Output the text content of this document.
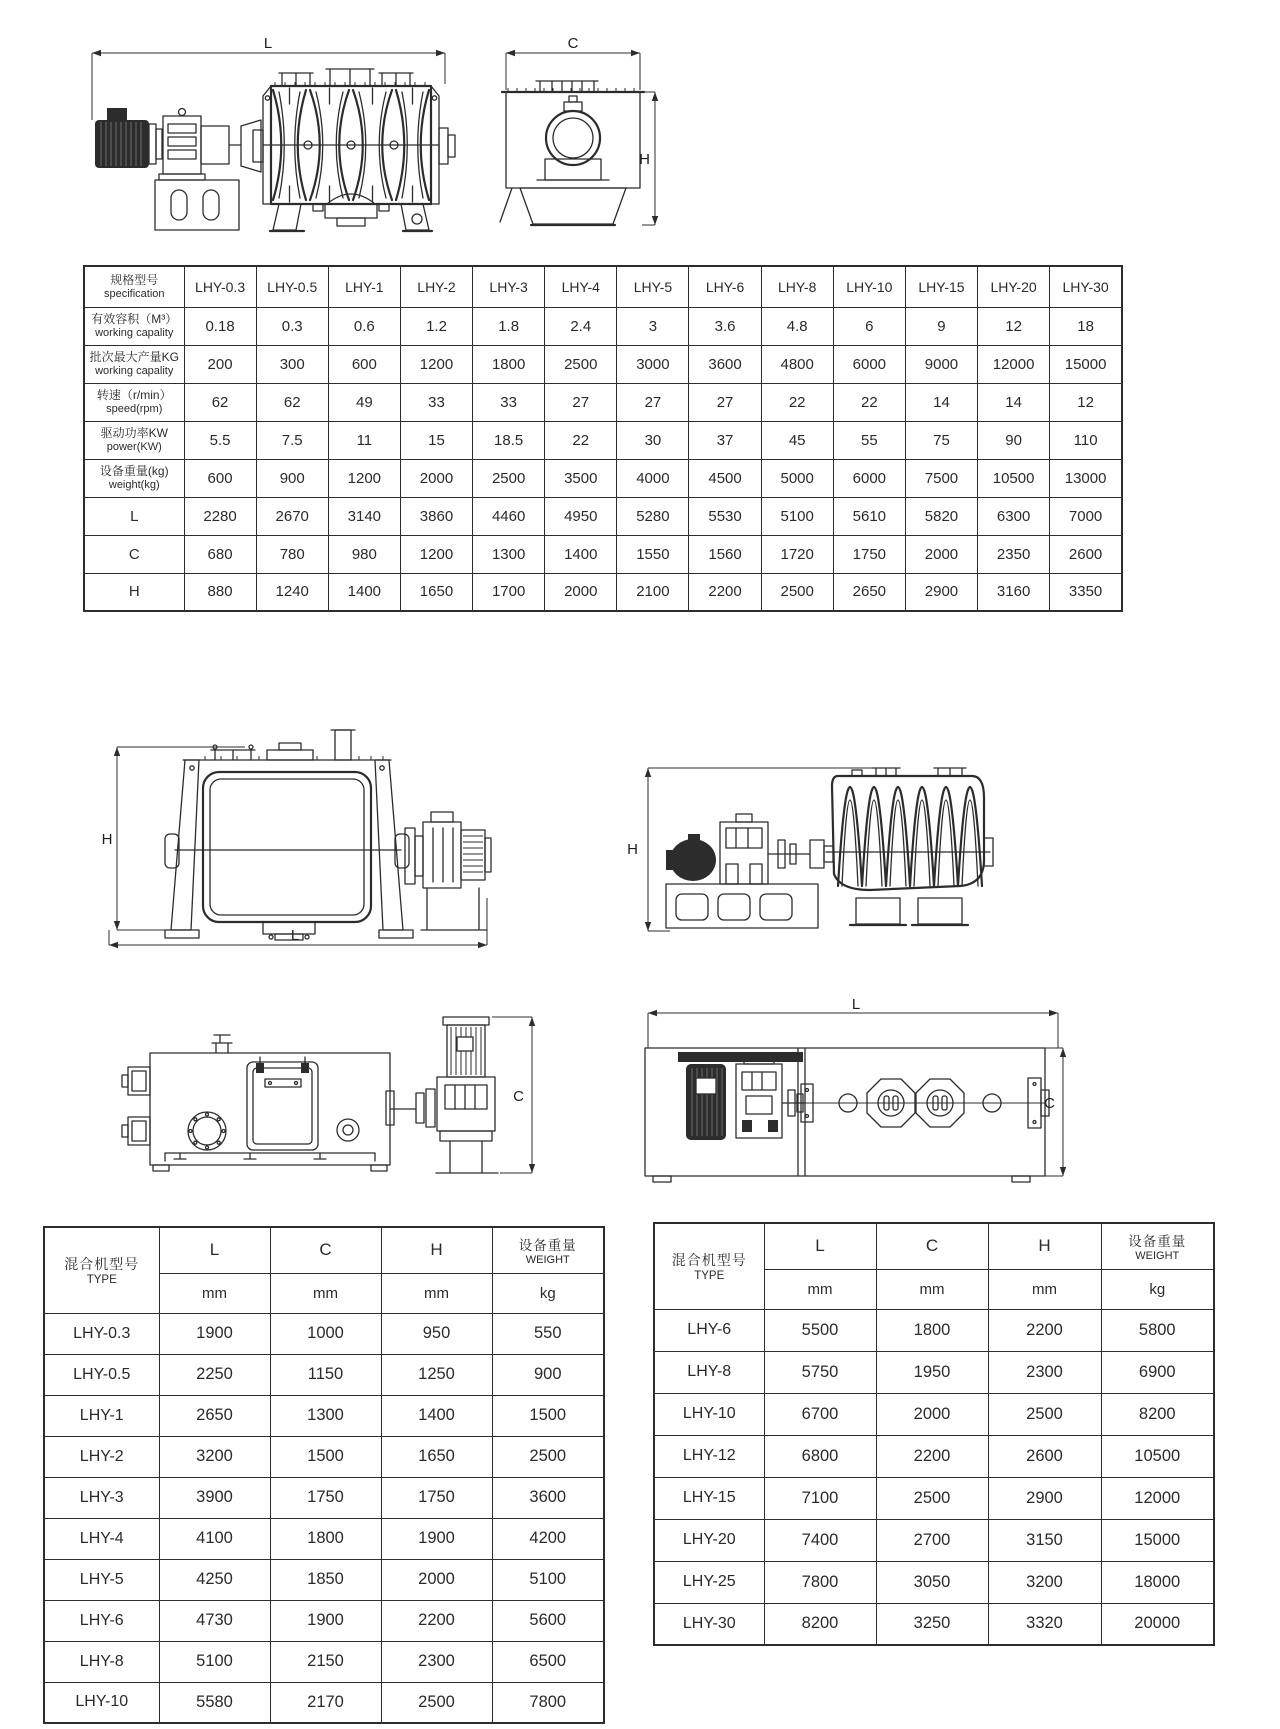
L	C
H
规格型号
specification	LHY-0.3	LHY-0.5	LHY-1	LHY-2	LHY-3	LHY-4	LHY-5	LHY-6	LHY-8	LHY-10	LHY-15	LHY-20	LHY-30

有效容积（M³）
working capality	0.18	0.3	0.6	1.2	1.8	2.4	3	3.6	4.8	6	9	12	18

批次最大产量KG
working capality	200	300	600	1200	1800	2500	3000	3600	4800	6000	9000	12000	15000

转速（r/min）
speed(rpm)	62	62	49	33	33	27	27	27	22	22	14	14	12

驱动功率KW
power(KW)	5.5	7.5	11	15	18.5	22	30	37	45	55	75	90	110

设备重量(kg)
weight(kg)	600	900	1200	2000	2500	3500	4000	4500	5000	6000	7500	10500	13000

L	2280	2670	3140	3860	4460	4950	5280	5530	5100	5610	5820	6300	7000

C	680	780	980	1200	1300	1400	1550	1560	1720	1750	2000	2350	2600

H	880	1240	1400	1650	1700	2000	2100	2200	2500	2650	2900	3160	3350
H
L
H
C
L
C
混合机型号
TYPE
	L	C	H	设备重量
WEIGHT

	mm	mm	mm	kg
LHY-0.3	1900	1000	950	550
LHY-0.5	2250	1150	1250	900
LHY-1	2650	1300	1400	1500
LHY-2	3200	1500	1650	2500
LHY-3	3900	1750	1750	3600
LHY-4	4100	1800	1900	4200
LHY-5	4250	1850	2000	5100
LHY-6	4730	1900	2200	5600
LHY-8	5100	2150	2300	6500
LHY-10	5580	2170	2500	7800
混合机型号
TYPE
	L	C	H	设备重量
WEIGHT

	mm	mm	mm	kg
LHY-6	5500	1800	2200	5800
LHY-8	5750	1950	2300	6900
LHY-10	6700	2000	2500	8200
LHY-12	6800	2200	2600	10500
LHY-15	7100	2500	2900	12000
LHY-20	7400	2700	3150	15000
LHY-25	7800	3050	3200	18000
LHY-30	8200	3250	3320	20000
